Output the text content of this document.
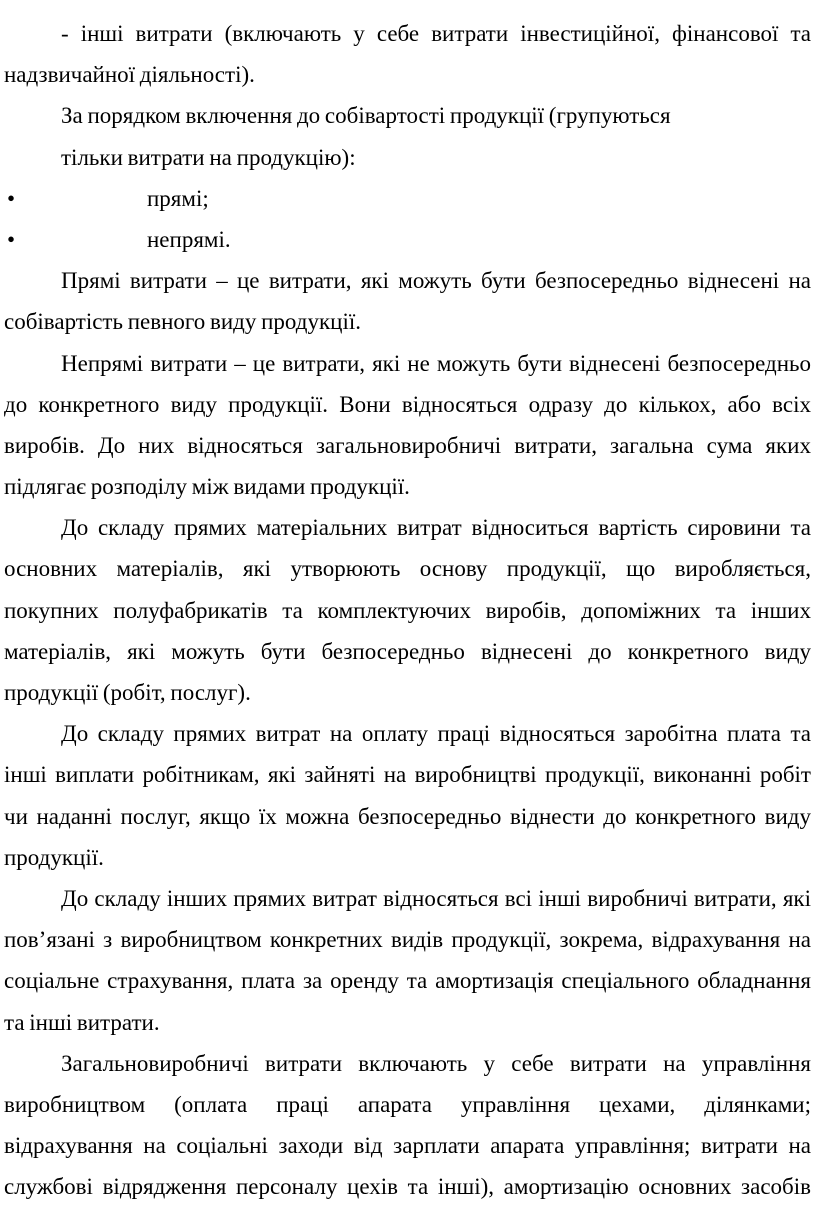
- інші витрати (включають у себе витрати інвестиційної, фінансової та
надзвичайної діяльності).
За порядком включення до собівартості продукції (групуються
тільки витрати на продукцію):
•	прямі;
•	непрямі.
Прямі витрати – це витрати, які можуть бути безпосередньо віднесені на
собівартість певного виду продукції.
Непрямі витрати – це витрати, які не можуть бути віднесені безпосередньо
до конкретного виду продукції. Вони відносяться одразу до кількох, або всіх
виробів. До них відносяться загальновиробничі витрати, загальна сума яких
підлягає розподілу між видами продукції.
До складу прямих матеріальних витрат відноситься вартість сировини та
основних матеріалів, які утворюють основу продукції, що виробляється,
покупних полуфабрикатів та комплектуючих виробів, допоміжних та інших
матеріалів, які можуть бути безпосередньо віднесені до конкретного виду
продукції (робіт, послуг).
До складу прямих витрат на оплату праці відносяться заробітна плата та
інші виплати робітникам, які зайняті на виробництві продукції, виконанні робіт
чи наданні послуг, якщо їх можна безпосередньо віднести до конкретного виду
продукції.
До складу інших прямих витрат відносяться всі інші виробничі витрати, які
пов’язані з виробництвом конкретних видів продукції, зокрема, відрахування на
соціальне страхування, плата за оренду та амортизація спеціального обладнання
та інші витрати.
Загальновиробничі витрати включають у себе витрати на управління
виробництвом (оплата праці апарата управління цехами, ділянками;
відрахування на соціальні заходи від зарплати апарата управління; витрати на
службові відрядження персоналу цехів та інші), амортизацію основних засобів
